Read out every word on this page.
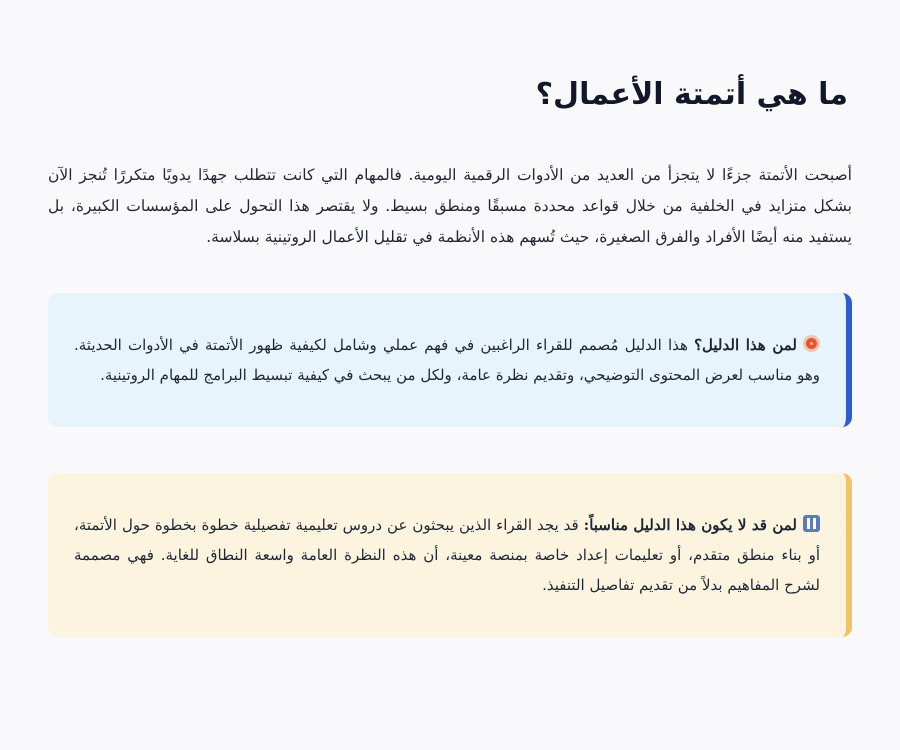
ما هي أتمتة الأعمال؟

أصبحت الأتمتة جزءًا لا يتجزأ من العديد من الأدوات الرقمية اليومية. فالمهام التي كانت تتطلب جهدًا يدويًا متكررًا تُنجز الآن بشكل متزايد في الخلفية من خلال قواعد محددة مسبقًا ومنطق بسيط. ولا يقتصر هذا التحول على المؤسسات الكبيرة، بل يستفيد منه أيضًا الأفراد والفرق الصغيرة، حيث تُسهم هذه الأنظمة في تقليل الأعمال الروتينية بسلاسة.

لمن هذا الدليل؟ هذا الدليل مُصمم للقراء الراغبين في فهم عملي وشامل لكيفية ظهور الأتمتة في الأدوات الحديثة. وهو مناسب لعرض المحتوى التوضيحي، وتقديم نظرة عامة، ولكل من يبحث في كيفية تبسيط البرامج للمهام الروتينية.

لمن قد لا يكون هذا الدليل مناسباً: قد يجد القراء الذين يبحثون عن دروس تعليمية تفصيلية خطوة بخطوة حول الأتمتة، أو بناء منطق متقدم، أو تعليمات إعداد خاصة بمنصة معينة، أن هذه النظرة العامة واسعة النطاق للغاية. فهي مصممة لشرح المفاهيم بدلاً من تقديم تفاصيل التنفيذ.
